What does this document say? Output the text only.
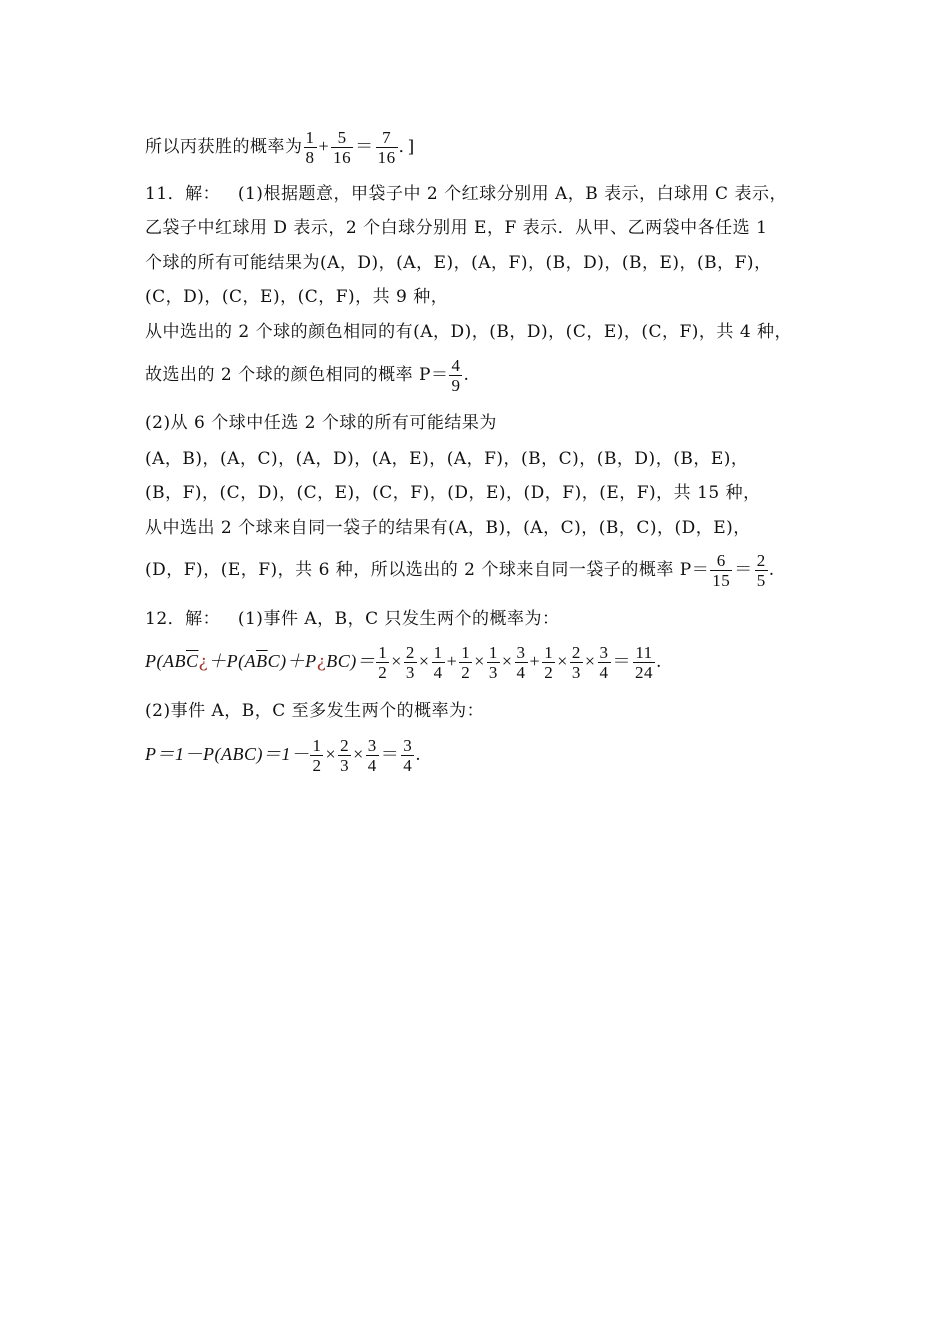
所以丙获胜的概率为 $\frac{1}{8} + \frac{5}{16} = \frac{7}{16}$ ．]
11．解： (1)根据题意，甲袋子中 2 个红球分别用 A，B 表示，白球用 C 表示，
乙袋子中红球用 D 表示，2 个白球分别用 E，F 表示．从甲、乙两袋中各任选 1
个球的所有可能结果为(A，D)，(A，E)，(A，F)，(B，D)，(B，E)，(B，F)，
(C，D)，(C，E)，(C，F)，共 9 种，
从中选出的 2 个球的颜色相同的有(A，D)，(B，D)，(C，E)，(C，F)，共 4 种，
故选出的 2 个球的颜色相同的概率 $P= \frac{4}{9}$ .
(2)从 6 个球中任选 2 个球的所有可能结果为
(A，B)，(A，C)，(A，D)，(A，E)，(A，F)，(B，C)，(B，D)，(B，E)，
(B，F)，(C，D)，(C，E)，(C，F)，(D，E)，(D，F)，(E，F)，共 15 种，
从中选出 2 个球来自同一袋子的结果有(A，B)，(A，C)，(B，C)，(D，E)，
(D，F)，(E，F)，共 6 种，所以选出的 2 个球来自同一袋子的概率 $P= \frac{6}{15} = \frac{2}{5}$ .
12．解： (1)事件 A，B，C 只发生两个的概率为：
$P(AB\overline{C}¿+P(A\overline{B}C)+P¿BC)= \frac{1}{2} \times \frac{2}{3} \times \frac{1}{4} + \frac{1}{2} \times \frac{1}{3} \times \frac{3}{4} + \frac{1}{2} \times \frac{2}{3} \times \frac{3}{4} = \frac{11}{24}$ .
(2)事件 A，B，C 至多发生两个的概率为：
$P=1-P(ABC)=1- \frac{1}{2} \times \frac{2}{3} \times \frac{3}{4} = \frac{3}{4}$ .
